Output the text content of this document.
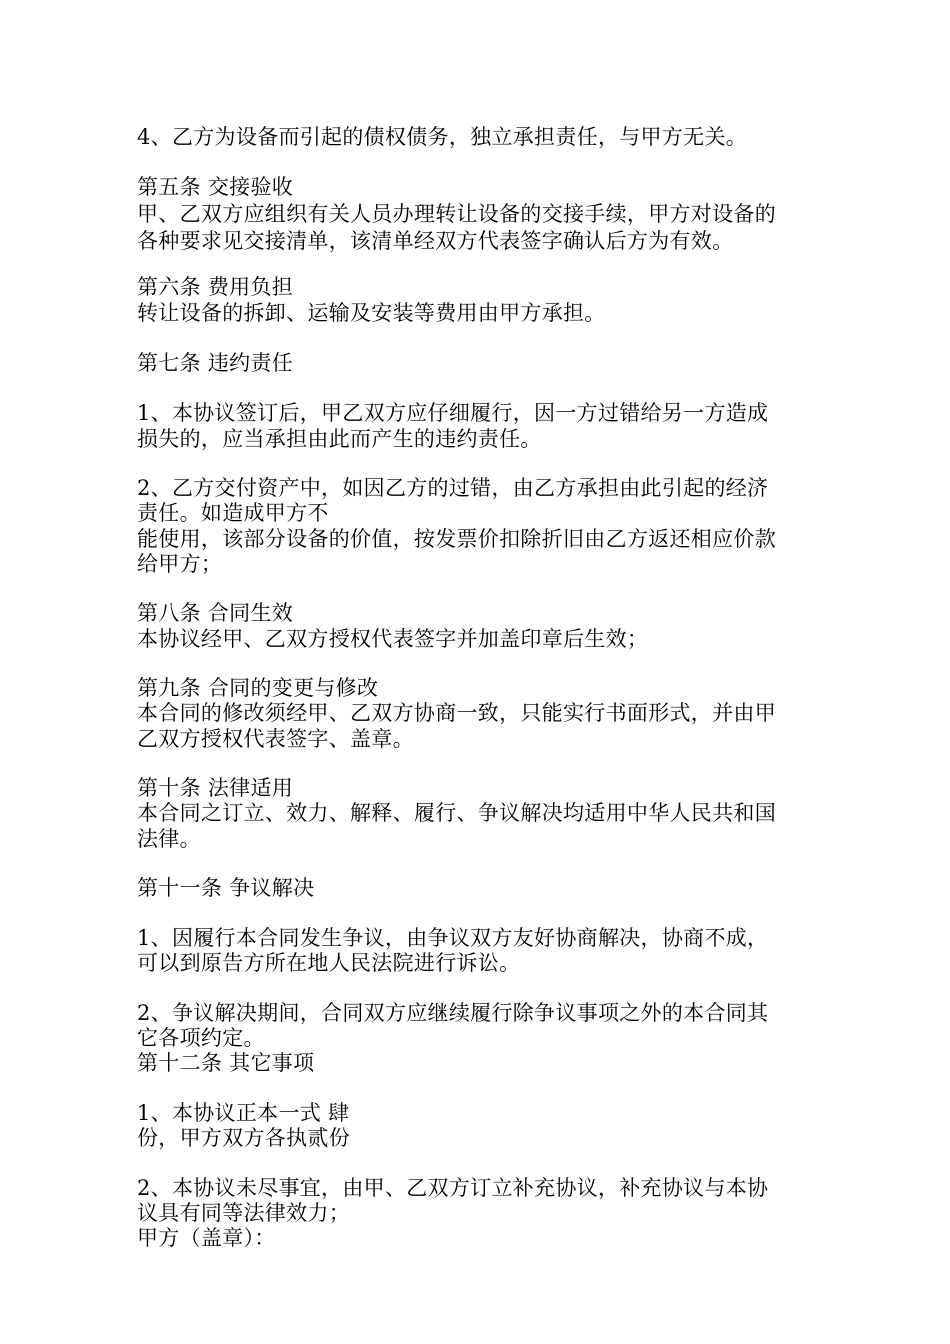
4、乙方为设备而引起的债权债务，独立承担责任，与甲方无关。
第五条 交接验收
甲、乙双方应组织有关人员办理转让设备的交接手续，甲方对设备的
各种要求见交接清单，该清单经双方代表签字确认后方为有效。
第六条 费用负担
转让设备的拆卸、运输及安装等费用由甲方承担。
第七条 违约责任
1、本协议签订后，甲乙双方应仔细履行，因一方过错给另一方造成
损失的，应当承担由此而产生的违约责任。
2、乙方交付资产中，如因乙方的过错，由乙方承担由此引起的经济
责任。如造成甲方不
能使用，该部分设备的价值，按发票价扣除折旧由乙方返还相应价款
给甲方；
第八条 合同生效
本协议经甲、乙双方授权代表签字并加盖印章后生效；
第九条 合同的变更与修改
本合同的修改须经甲、乙双方协商一致，只能实行书面形式，并由甲
乙双方授权代表签字、盖章。
第十条 法律适用
本合同之订立、效力、解释、履行、争议解决均适用中华人民共和国
法律。
第十一条 争议解决
1、因履行本合同发生争议，由争议双方友好协商解决，协商不成，
可以到原告方所在地人民法院进行诉讼。
2、争议解决期间，合同双方应继续履行除争议事项之外的本合同其
它各项约定。
第十二条 其它事项
1、本协议正本一式 肆
份，甲方双方各执贰份
2、本协议未尽事宜，由甲、乙双方订立补充协议，补充协议与本协
议具有同等法律效力；
甲方（盖章）：
